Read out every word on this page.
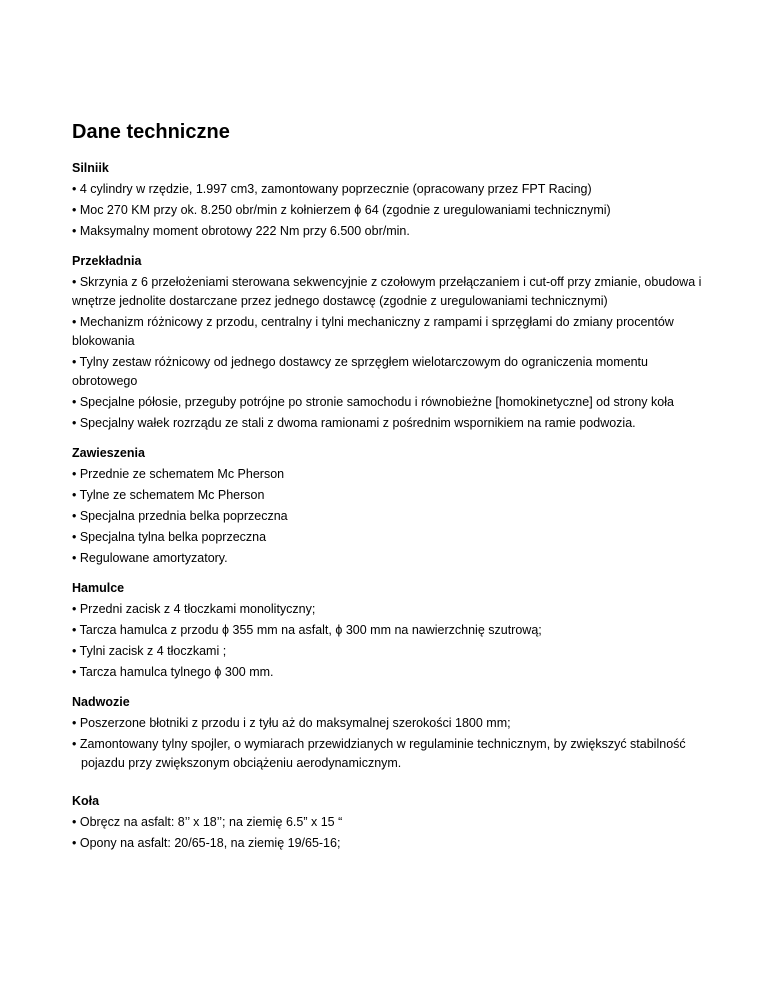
Dane techniczne
Silniik
• 4 cylindry w rzędzie, 1.997 cm3, zamontowany poprzecznie (opracowany przez FPT Racing)
• Moc 270 KM przy ok. 8.250 obr/min z kołnierzem ϕ 64 (zgodnie z uregulowaniami technicznymi)
• Maksymalny moment obrotowy 222 Nm przy 6.500 obr/min.
Przekładnia
• Skrzynia z 6 przełożeniami sterowana sekwencyjnie z czołowym przełączaniem i cut-off przy zmianie, obudowa i wnętrze jednolite dostarczane przez jednego dostawcę (zgodnie z uregulowaniami technicznymi)
• Mechanizm różnicowy z przodu, centralny i tylni mechaniczny z rampami i sprzęgłami do zmiany procentów blokowania
• Tylny zestaw różnicowy od jednego dostawcy ze sprzęgłem wielotarczowym do ograniczenia momentu obrotowego
• Specjalne półosie, przeguby potrójne po stronie samochodu i równobieżne [homokinetyczne] od strony koła
• Specjalny wałek rozrządu ze stali z dwoma ramionami z pośrednim wspornikiem na ramie podwozia.
Zawieszenia
• Przednie ze schematem Mc Pherson
• Tylne ze schematem Mc Pherson
• Specjalna przednia belka poprzeczna
• Specjalna tylna belka poprzeczna
• Regulowane amortyzatory.
Hamulce
• Przedni zacisk z 4 tłoczkami monolityczny;
• Tarcza hamulca z przodu ϕ 355 mm na asfalt, ϕ 300 mm na nawierzchnię szutrową;
• Tylni zacisk z 4 tłoczkami ;
• Tarcza hamulca tylnego ϕ 300 mm.
Nadwozie
• Poszerzone błotniki z przodu i z tyłu aż do maksymalnej szerokości 1800 mm;
• Zamontowany tylny spojler, o wymiarach przewidzianych w regulaminie technicznym, by zwiększyć stabilność pojazdu przy zwiększonym obciążeniu aerodynamicznym.
Koła
• Obręcz na asfalt: 8’’ x 18’’; na ziemię 6.5” x 15 “
• Opony na asfalt: 20/65-18, na ziemię 19/65-16;
